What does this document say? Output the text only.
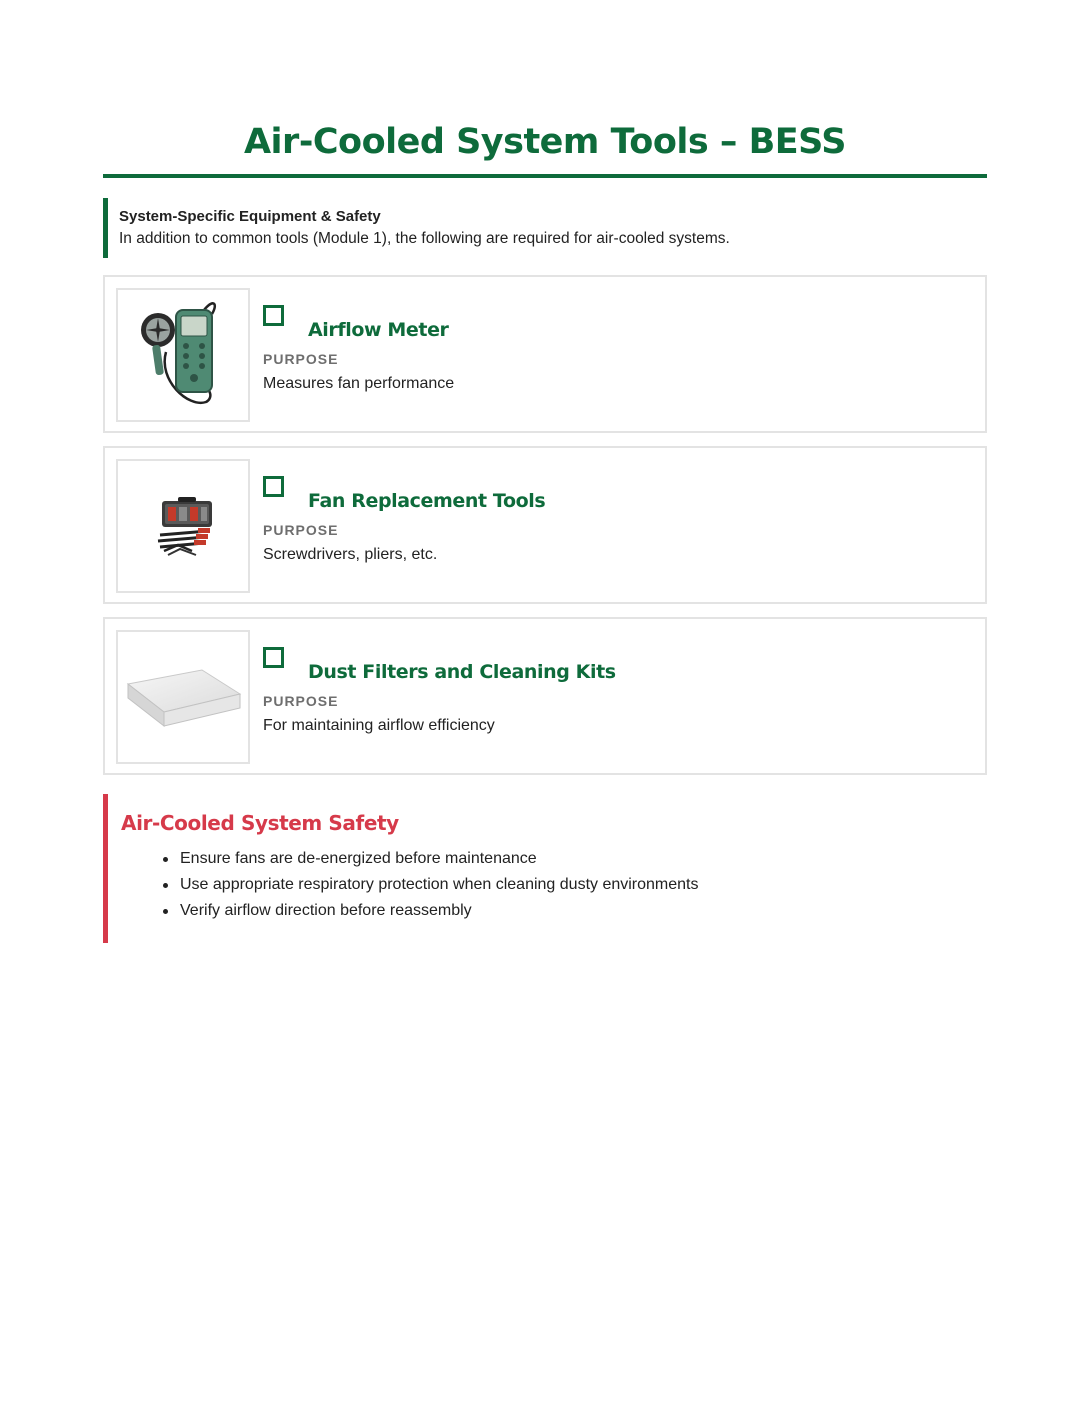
Air-Cooled System Tools – BESS
System-Specific Equipment & Safety
In addition to common tools (Module 1), the following are required for air-cooled systems.
Airflow Meter
PURPOSE
Measures fan performance
Fan Replacement Tools
PURPOSE
Screwdrivers, pliers, etc.
Dust Filters and Cleaning Kits
PURPOSE
For maintaining airflow efficiency
Air-Cooled System Safety
Ensure fans are de-energized before maintenance
Use appropriate respiratory protection when cleaning dusty environments
Verify airflow direction before reassembly
